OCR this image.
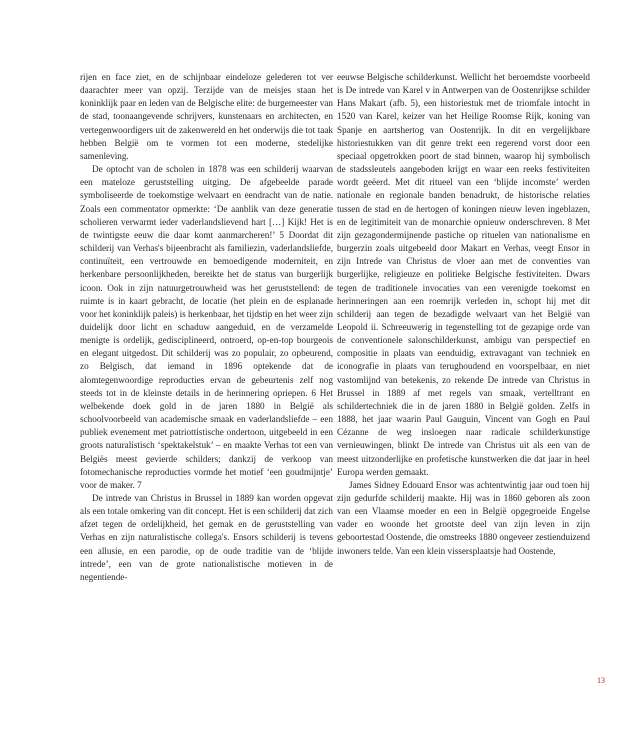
rijen en face ziet, en de schijnbaar eindeloze gelederen tot ver daarachter meer van opzij. Terzijde van de meisjes staan het koninklijk paar en leden van de Belgische elite: de burgemeester van de stad, toonaangevende schrijvers, kunstenaars en architecten, en vertegenwoordigers uit de zakenwereld en het onderwijs die tot taak hebben België om te vormen tot een moderne, stedelijke samenleving.

De optocht van de scholen in 1878 was een schilderij waarvan een mateloze geruststelling uitging. De afgebeelde parade symboliseerde de toekomstige welvaart en eendracht van de natie. Zoals een commentator opmerkte: ‘De aanblik van deze generatie scholieren verwarmt ieder vaderlandslievend hart […] Kijk! Het is de twintigste eeuw die daar komt aanmarcheren!’ 5 Doordat dit schilderij van Verhas's bijeenbracht als familiezin, vaderlandsliefde, continuïteit, een vertrouwde en bemoedigende moderniteit, en herkenbare persoonlijkheden, bereikte het de status van burgerlijk icoon. Ook in zijn natuurgetrouwheid was het geruststellend: de ruimte is in kaart gebracht, de locatie (het plein en de esplanade voor het koninklijk paleis) is herkenbaar, het tijdstip en het weer zijn duidelijk door licht en schaduw aangeduid, en de verzamelde menigte is ordelijk, gedisciplineerd, ontroerd, op-en-top bourgeois en elegant uitgedost. Dit schilderij was zo populair, zo opbeurend, zo Belgisch, dat iemand in 1896 optekende dat de alomtegenwoordige reproducties ervan de gebeurtenis zelf nog steeds tot in de kleinste details in de herinnering opriepen. 6 Het welbekende doek gold in de jaren 1880 in België als schoolvoorbeeld van academische smaak en vaderlandsliefde – een publiek evenement met patriottistische ondertoon, uitgebeeld in een groots naturalistisch ‘spektakelstuk’ – en maakte Verhas tot een van Belgiës meest gevierde schilders; dankzij de verkoop van fotomechanische reproducties vormde het motief ‘een goudmijntje’ voor de maker. 7

De intrede van Christus in Brussel in 1889 kan worden opgevat als een totale omkering van dit concept. Het is een schilderij dat zich afzet tegen de ordelijkheid, het gemak en de geruststelling van Verhas en zijn naturalistische collega's. Ensors schilderij is tevens een allusie, en een parodie, op de oude traditie van de ‘blijde intrede’, een van de grote nationalistische motieven in de negentiende-

eeuwse Belgische schilderkunst. Wellicht het beroemdste voorbeeld is De intrede van Karel v in Antwerpen van de Oostenrijkse schilder Hans Makart (afb. 5), een historiestuk met de triomfale intocht in 1520 van Karel, keizer van het Heilige Roomse Rijk, koning van Spanje en aartshertog van Oostenrijk. In dit en vergelijkbare historiestukken van dit genre trekt een regerend vorst door een speciaal opgetrokken poort de stad binnen, waarop hij symbolisch de stadssleutels aangeboden krijgt en waar een reeks festiviteiten wordt geëerd. Met dit ritueel van een ‘blijde incomste’ werden nationale en regionale banden benadrukt, de historische relaties tussen de stad en de hertogen of koningen nieuw leven ingeblazen, en de legitimiteit van de monarchie opnieuw onderschreven. 8 Met zijn gezagondermijnende pastiche op rituelen van nationalisme en burgerzin zoals uitgebeeld door Makart en Verhas, veegt Ensor in zijn Intrede van Christus de vloer aan met de conventies van burgerlijke, religieuze en politieke Belgische festiviteiten. Dwars tegen de traditionele invocaties van een verenigde toekomst en herinneringen aan een roemrijk verleden in, schopt hij met dit schilderij aan tegen de bezadigde welvaart van het België van Leopold ii. Schreeuwerig in tegenstelling tot de gezapige orde van de conventionele salonschilderkunst, ambigu van perspectief en compositie in plaats van eenduidig, extravagant van techniek en iconografie in plaats van terughoudend en voorspelbaar, en niet vastomlijnd van betekenis, zo rekende De intrede van Christus in Brussel in 1889 af met regels van smaak, vertelltrant en schildertechniek die in de jaren 1880 in België golden. Zelfs in 1888, het jaar waarin Paul Gauguin, Vincent van Gogh en Paul Cézanne de weg insloegen naar radicale schilderkunstige vernieuwingen, blinkt De intrede van Christus uit als een van de meest uitzonderlijke en profetische kunstwerken die dat jaar in heel Europa werden gemaakt.

James Sidney Edouard Ensor was achtentwintig jaar oud toen hij zijn gedurfde schilderij maakte. Hij was in 1860 geboren als zoon van een Vlaamse moeder en een in België opgegroeide Engelse vader en woonde het grootste deel van zijn leven in zijn geboortestad Oostende, die omstreeks 1880 ongeveer zestienduizend inwoners telde. Van een klein vissersplaatsje had Oostende,

13
